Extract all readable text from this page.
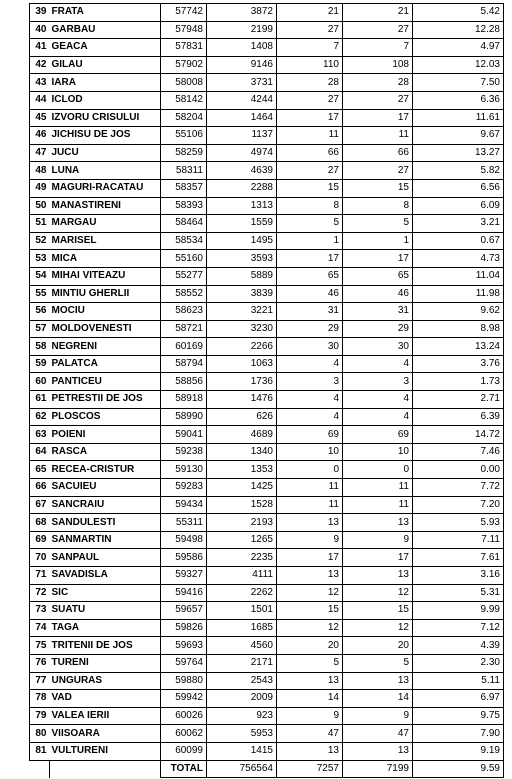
39	FRATA	57742	3872	21	21	5.42
40	GARBAU	57948	2199	27	27	12.28
41	GEACA	57831	1408	7	7	4.97
42	GILAU	57902	9146	110	108	12.03
43	IARA	58008	3731	28	28	7.50
44	ICLOD	58142	4244	27	27	6.36
45	IZVORU CRISULUI	58204	1464	17	17	11.61
46	JICHISU DE JOS	55106	1137	11	11	9.67
47	JUCU	58259	4974	66	66	13.27
48	LUNA	58311	4639	27	27	5.82
49	MAGURI-RACATAU	58357	2288	15	15	6.56
50	MANASTIRENI	58393	1313	8	8	6.09
51	MARGAU	58464	1559	5	5	3.21
52	MARISEL	58534	1495	1	1	0.67
53	MICA	55160	3593	17	17	4.73
54	MIHAI VITEAZU	55277	5889	65	65	11.04
55	MINTIU GHERLII	58552	3839	46	46	11.98
56	MOCIU	58623	3221	31	31	9.62
57	MOLDOVENESTI	58721	3230	29	29	8.98
58	NEGRENI	60169	2266	30	30	13.24
59	PALATCA	58794	1063	4	4	3.76
60	PANTICEU	58856	1736	3	3	1.73
61	PETRESTII DE JOS	58918	1476	4	4	2.71
62	PLOSCOS	58990	626	4	4	6.39
63	POIENI	59041	4689	69	69	14.72
64	RASCA	59238	1340	10	10	7.46
65	RECEA-CRISTUR	59130	1353	0	0	0.00
66	SACUIEU	59283	1425	11	11	7.72
67	SANCRAIU	59434	1528	11	11	7.20
68	SANDULESTI	55311	2193	13	13	5.93
69	SANMARTIN	59498	1265	9	9	7.11
70	SANPAUL	59586	2235	17	17	7.61
71	SAVADISLA	59327	4111	13	13	3.16
72	SIC	59416	2262	12	12	5.31
73	SUATU	59657	1501	15	15	9.99
74	TAGA	59826	1685	12	12	7.12
75	TRITENII DE JOS	59693	4560	20	20	4.39
76	TURENI	59764	2171	5	5	2.30
77	UNGURAS	59880	2543	13	13	5.11
78	VAD	59942	2009	14	14	6.97
79	VALEA IERII	60026	923	9	9	9.75
80	VIISOARA	60062	5953	47	47	7.90
81	VULTURENI	60099	1415	13	13	9.19
		TOTAL	756564	7257	7199	9.59
